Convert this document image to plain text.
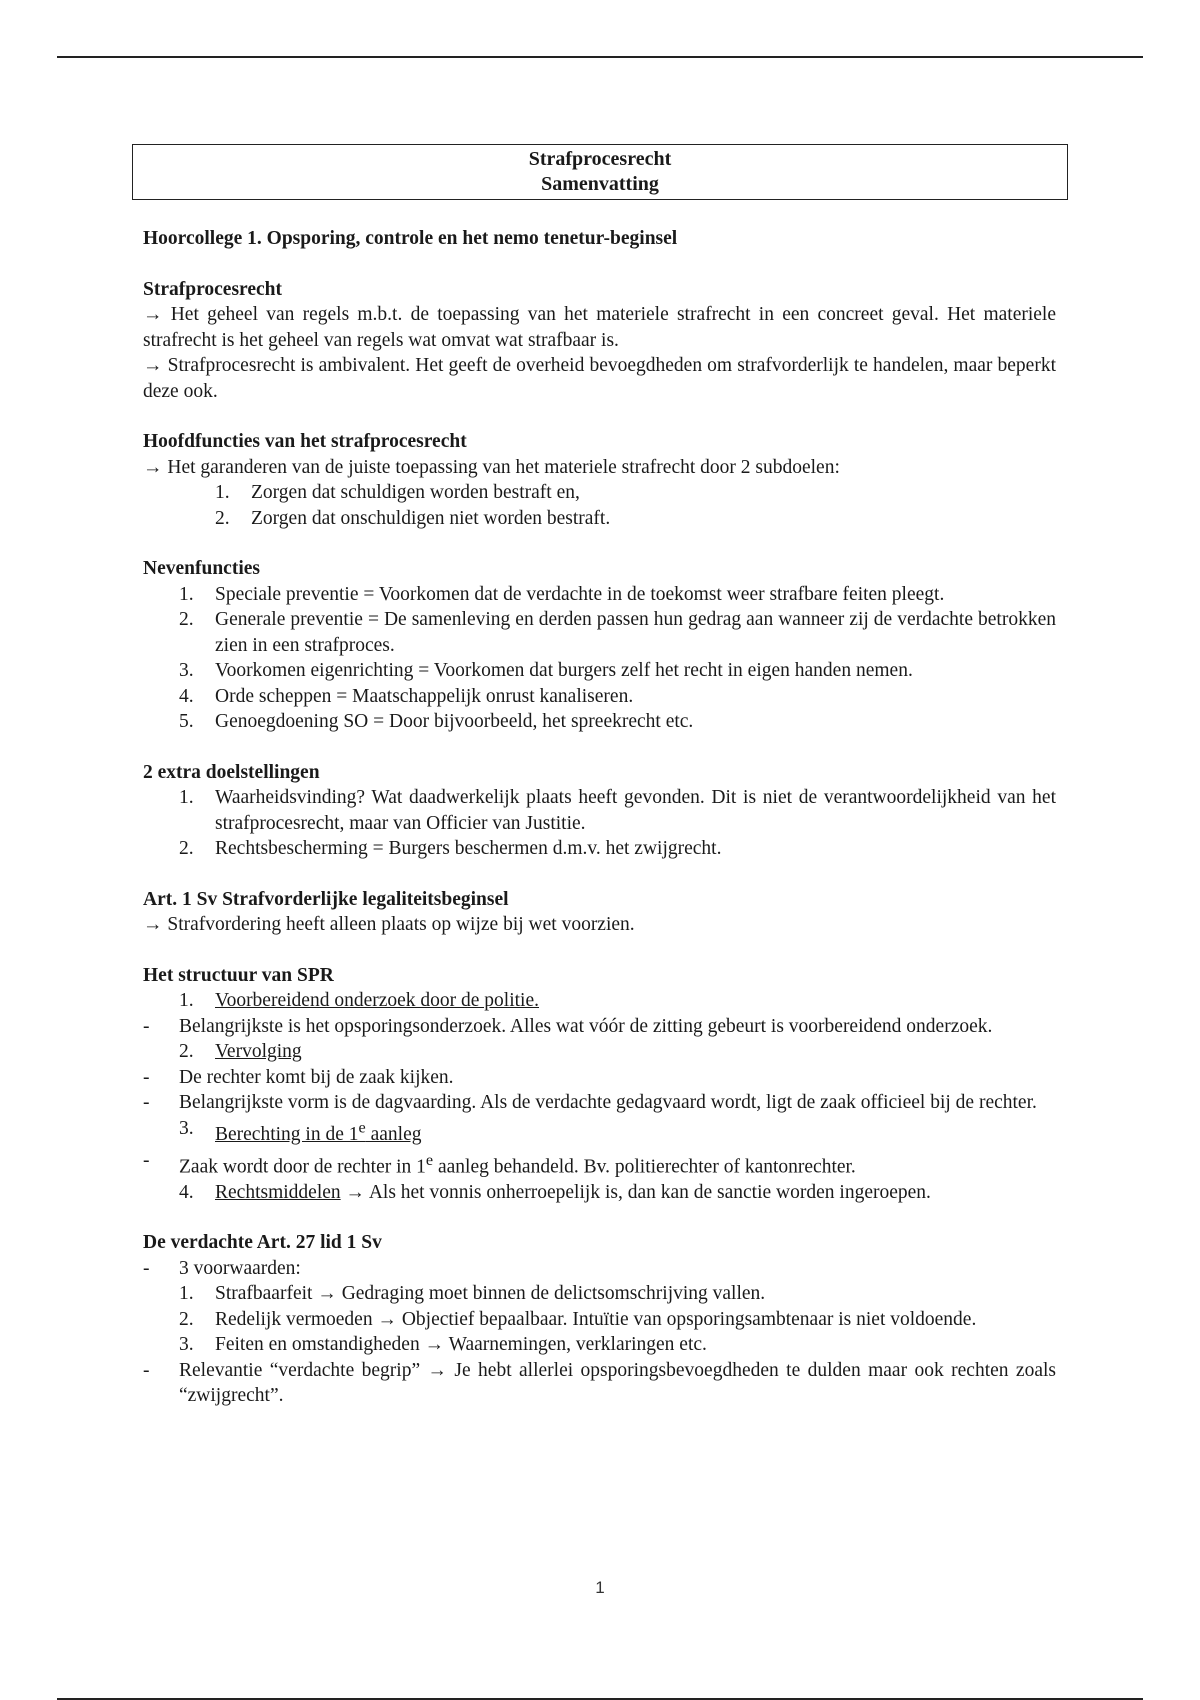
Strafprocesrecht
Samenvatting

Hoorcollege 1. Opsporing, controle en het nemo tenetur-beginsel

Strafprocesrecht

→ Het geheel van regels m.b.t. de toepassing van het materiele strafrecht in een concreet geval. Het materiele strafrecht is het geheel van regels wat omvat wat strafbaar is.

→ Strafprocesrecht is ambivalent. Het geeft de overheid bevoegdheden om strafvorderlijk te handelen, maar beperkt deze ook.

Hoofdfuncties van het strafprocesrecht

→ Het garanderen van de juiste toepassing van het materiele strafrecht door 2 subdoelen:

1. Zorgen dat schuldigen worden bestraft en,
2. Zorgen dat onschuldigen niet worden bestraft.

Nevenfuncties

1. Speciale preventie = Voorkomen dat de verdachte in de toekomst weer strafbare feiten pleegt.
2. Generale preventie = De samenleving en derden passen hun gedrag aan wanneer zij de verdachte betrokken zien in een strafproces.
3. Voorkomen eigenrichting = Voorkomen dat burgers zelf het recht in eigen handen nemen.
4. Orde scheppen = Maatschappelijk onrust kanaliseren.
5. Genoegdoening SO = Door bijvoorbeeld, het spreekrecht etc.

2 extra doelstellingen

1. Waarheidsvinding? Wat daadwerkelijk plaats heeft gevonden. Dit is niet de verantwoordelijkheid van het strafprocesrecht, maar van Officier van Justitie.
2. Rechtsbescherming = Burgers beschermen d.m.v. het zwijgrecht.

Art. 1 Sv Strafvorderlijke legaliteitsbeginsel

→ Strafvordering heeft alleen plaats op wijze bij wet voorzien.

Het structuur van SPR

1. Voorbereidend onderzoek door de politie.
- Belangrijkste is het opsporingsonderzoek. Alles wat vóór de zitting gebeurt is voorbereidend onderzoek.
2. Vervolging
- De rechter komt bij de zaak kijken.
- Belangrijkste vorm is de dagvaarding. Als de verdachte gedagvaard wordt, ligt de zaak officieel bij de rechter.
3. Berechting in de 1e aanleg
- Zaak wordt door de rechter in 1e aanleg behandeld. Bv. politierechter of kantonrechter.
4. Rechtsmiddelen → Als het vonnis onherroepelijk is, dan kan de sanctie worden ingeroepen.

De verdachte Art. 27 lid 1 Sv

- 3 voorwaarden:
1. Strafbaarfeit → Gedraging moet binnen de delictsomschrijving vallen.
2. Redelijk vermoeden → Objectief bepaalbaar. Intuïtie van opsporingsambtenaar is niet voldoende.
3. Feiten en omstandigheden → Waarnemingen, verklaringen etc.
- Relevantie “verdachte begrip” → Je hebt allerlei opsporingsbevoegdheden te dulden maar ook rechten zoals “zwijgrecht”.
1
